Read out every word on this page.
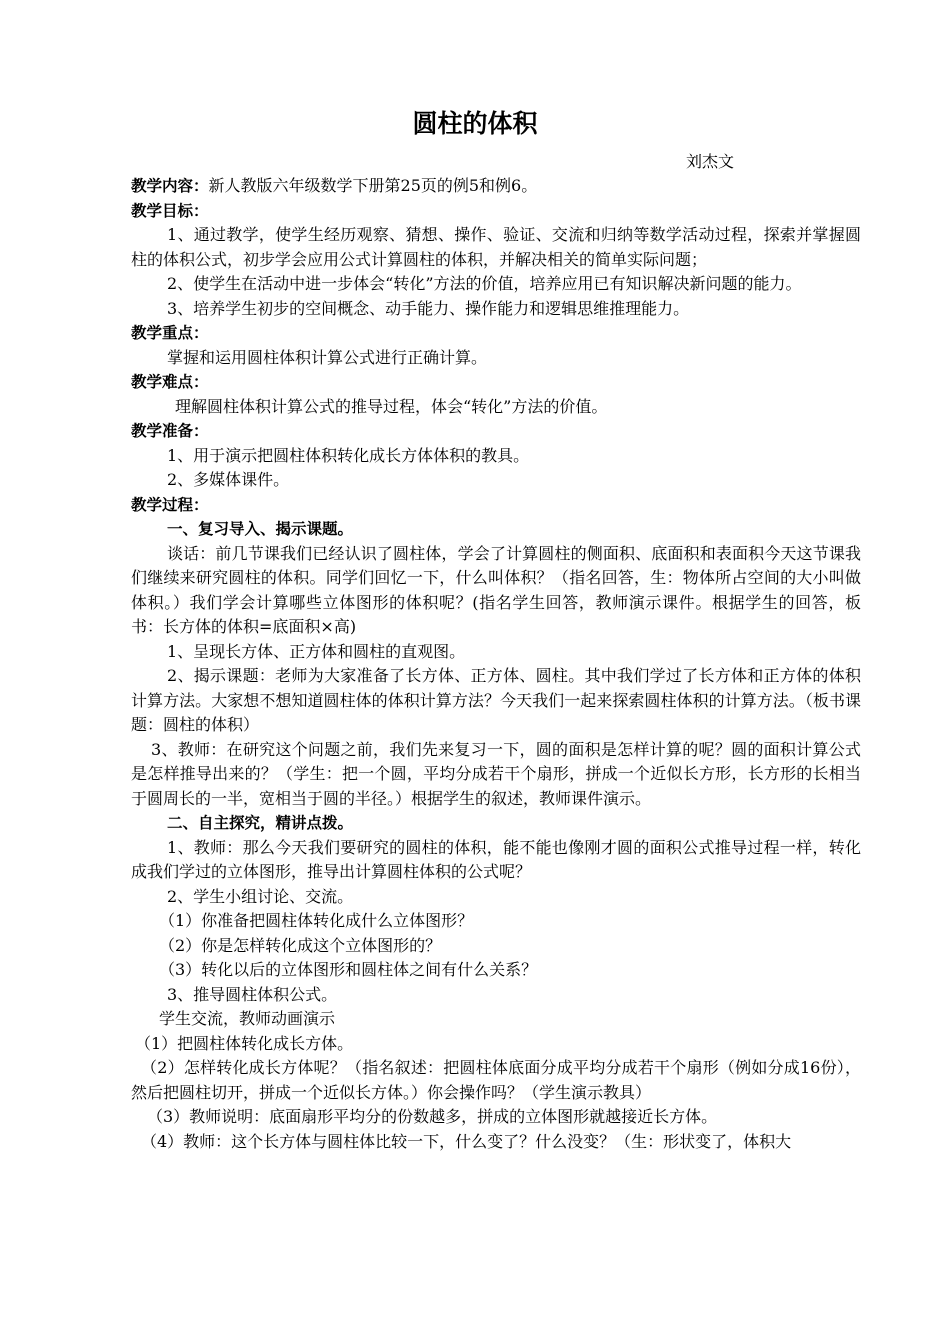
圆柱的体积
刘杰文

教学内容：新人教版六年级数学下册第25页的例5和例6。

教学目标：

1、通过教学，使学生经历观察、猜想、操作、验证、交流和归纳等数学活动过程，探索并掌握圆柱的体积公式，初步学会应用公式计算圆柱的体积，并解决相关的简单实际问题；

2、使学生在活动中进一步体会“转化”方法的价值，培养应用已有知识解决新问题的能力。

3、培养学生初步的空间概念、动手能力、操作能力和逻辑思维推理能力。

教学重点：

掌握和运用圆柱体积计算公式进行正确计算。

教学难点：

理解圆柱体积计算公式的推导过程，体会“转化”方法的价值。

教学准备：

1、用于演示把圆柱体积转化成长方体体积的教具。

2、多媒体课件。

教学过程：

一、复习导入、揭示课题。

谈话：前几节课我们已经认识了圆柱体，学会了计算圆柱的侧面积、底面积和表面积今天这节课我们继续来研究圆柱的体积。同学们回忆一下，什么叫体积？（指名回答，生：物体所占空间的大小叫做体积。）我们学会计算哪些立体图形的体积呢？(指名学生回答，教师演示课件。根据学生的回答，板书：长方体的体积=底面积×高)

1、呈现长方体、正方体和圆柱的直观图。

2、揭示课题：老师为大家准备了长方体、正方体、圆柱。其中我们学过了长方体和正方体的体积计算方法。大家想不想知道圆柱体的体积计算方法？今天我们一起来探索圆柱体积的计算方法。（板书课题：圆柱的体积）

3、教师：在研究这个问题之前，我们先来复习一下，圆的面积是怎样计算的呢？圆的面积计算公式是怎样推导出来的？（学生：把一个圆，平均分成若干个扇形，拼成一个近似长方形，长方形的长相当于圆周长的一半，宽相当于圆的半径。）根据学生的叙述，教师课件演示。

二、自主探究，精讲点拨。

1、教师：那么今天我们要研究的圆柱的体积，能不能也像刚才圆的面积公式推导过程一样，转化成我们学过的立体图形，推导出计算圆柱体积的公式呢？

2、学生小组讨论、交流。

（1）你准备把圆柱体转化成什么立体图形？

（2）你是怎样转化成这个立体图形的？

（3）转化以后的立体图形和圆柱体之间有什么关系？

3、推导圆柱体积公式。

学生交流，教师动画演示

（1）把圆柱体转化成长方体。

（2）怎样转化成长方体呢？（指名叙述：把圆柱体底面分成平均分成若干个扇形（例如分成16份），然后把圆柱切开，拼成一个近似长方体。）你会操作吗？（学生演示教具）

（3）教师说明：底面扇形平均分的份数越多，拼成的立体图形就越接近长方体。

（4）教师：这个长方体与圆柱体比较一下，什么变了？什么没变？（生：形状变了，体积大
